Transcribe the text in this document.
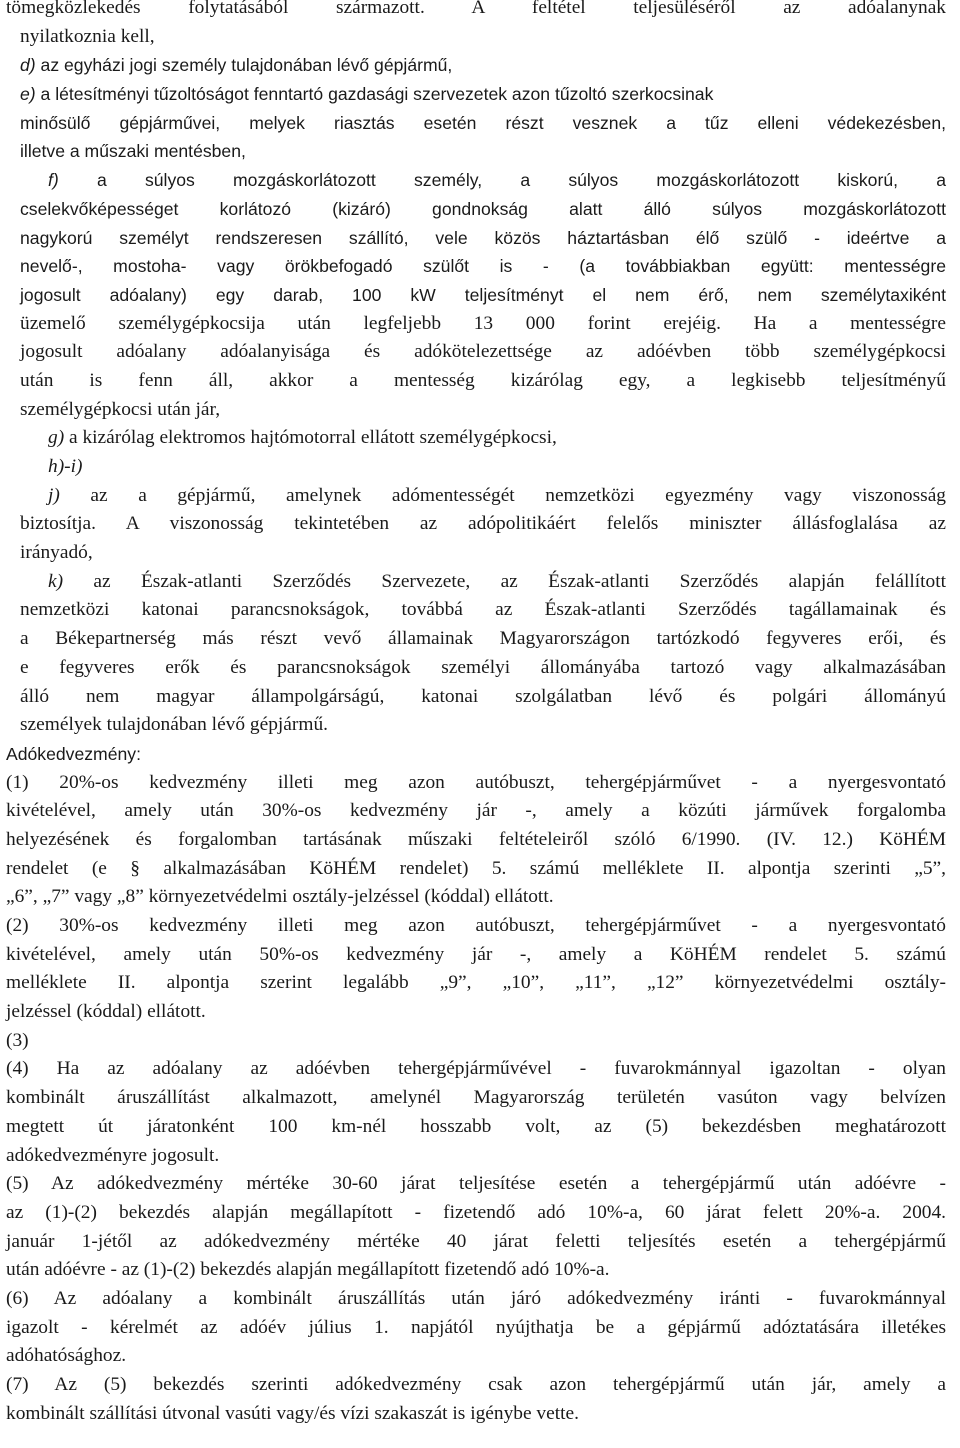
tömegközlekedés folytatásából származott. A feltétel teljesüléséről az adóalanynak
nyilatkoznia kell,
d) az egyházi jogi személy tulajdonában lévő gépjármű,
e) a létesítményi tűzoltóságot fenntartó gazdasági szervezetek azon tűzoltó szerkocsinak
minősülő gépjárművei, melyek riasztás esetén részt vesznek a tűz elleni védekezésben,
illetve a műszaki mentésben,
f) a súlyos mozgáskorlátozott személy, a súlyos mozgáskorlátozott kiskorú, a
cselekvőképességet korlátozó (kizáró) gondnokság alatt álló súlyos mozgáskorlátozott
nagykorú személyt rendszeresen szállító, vele közös háztartásban élő szülő - ideértve a
nevelő-, mostoha- vagy örökbefogadó szülőt is - (a továbbiakban együtt: mentességre
jogosult adóalany) egy darab, 100 kW teljesítményt el nem érő, nem személytaxiként
üzemelő személygépkocsija után legfeljebb 13 000 forint erejéig. Ha a mentességre
jogosult adóalany adóalanyisága és adókötelezettsége az adóévben több személygépkocsi
után is fenn áll, akkor a mentesség kizárólag egy, a legkisebb teljesítményű
személygépkocsi után jár,
g) a kizárólag elektromos hajtómotorral ellátott személygépkocsi,
h)-i)
j) az a gépjármű, amelynek adómentességét nemzetközi egyezmény vagy viszonosság
biztosítja. A viszonosság tekintetében az adópolitikáért felelős miniszter állásfoglalása az
irányadó,
k) az Észak-atlanti Szerződés Szervezete, az Észak-atlanti Szerződés alapján felállított
nemzetközi katonai parancsnokságok, továbbá az Észak-atlanti Szerződés tagállamainak és
a Békepartnerség más részt vevő államainak Magyarországon tartózkodó fegyveres erői, és
e fegyveres erők és parancsnokságok személyi állományába tartozó vagy alkalmazásában
álló nem magyar állampolgárságú, katonai szolgálatban lévő és polgári állományú
személyek tulajdonában lévő gépjármű.
Adókedvezmény:
(1) 20%-os kedvezmény illeti meg azon autóbuszt, tehergépjárművet - a nyergesvontató
kivételével, amely után 30%-os kedvezmény jár -, amely a közúti járművek forgalomba
helyezésének és forgalomban tartásának műszaki feltételeiről szóló 6/1990. (IV. 12.) KöHÉM
rendelet (e § alkalmazásában KöHÉM rendelet) 5. számú melléklete II. alpontja szerinti „5”,
„6”, „7” vagy „8” környezetvédelmi osztály-jelzéssel (kóddal) ellátott.
(2) 30%-os kedvezmény illeti meg azon autóbuszt, tehergépjárművet - a nyergesvontató
kivételével, amely után 50%-os kedvezmény jár -, amely a KöHÉM rendelet 5. számú
melléklete II. alpontja szerint legalább „9”, „10”, „11”, „12” környezetvédelmi osztály-
jelzéssel (kóddal) ellátott.
(3)
(4) Ha az adóalany az adóévben tehergépjárművével - fuvarokmánnyal igazoltan - olyan
kombinált áruszállítást alkalmazott, amelynél Magyarország területén vasúton vagy belvízen
megtett út járatonként 100 km-nél hosszabb volt, az (5) bekezdésben meghatározott
adókedvezményre jogosult.
(5) Az adókedvezmény mértéke 30-60 járat teljesítése esetén a tehergépjármű után adóévre -
az (1)-(2) bekezdés alapján megállapított - fizetendő adó 10%-a, 60 járat felett 20%-a. 2004.
január 1-jétől az adókedvezmény mértéke 40 járat feletti teljesítés esetén a tehergépjármű
után adóévre - az (1)-(2) bekezdés alapján megállapított fizetendő adó 10%-a.
(6) Az adóalany a kombinált áruszállítás után járó adókedvezmény iránti - fuvarokmánnyal
igazolt - kérelmét az adóév július 1. napjától nyújthatja be a gépjármű adóztatására illetékes
adóhatósághoz.
(7) Az (5) bekezdés szerinti adókedvezmény csak azon tehergépjármű után jár, amely a
kombinált szállítási útvonal vasúti vagy/és vízi szakaszát is igénybe vette.
